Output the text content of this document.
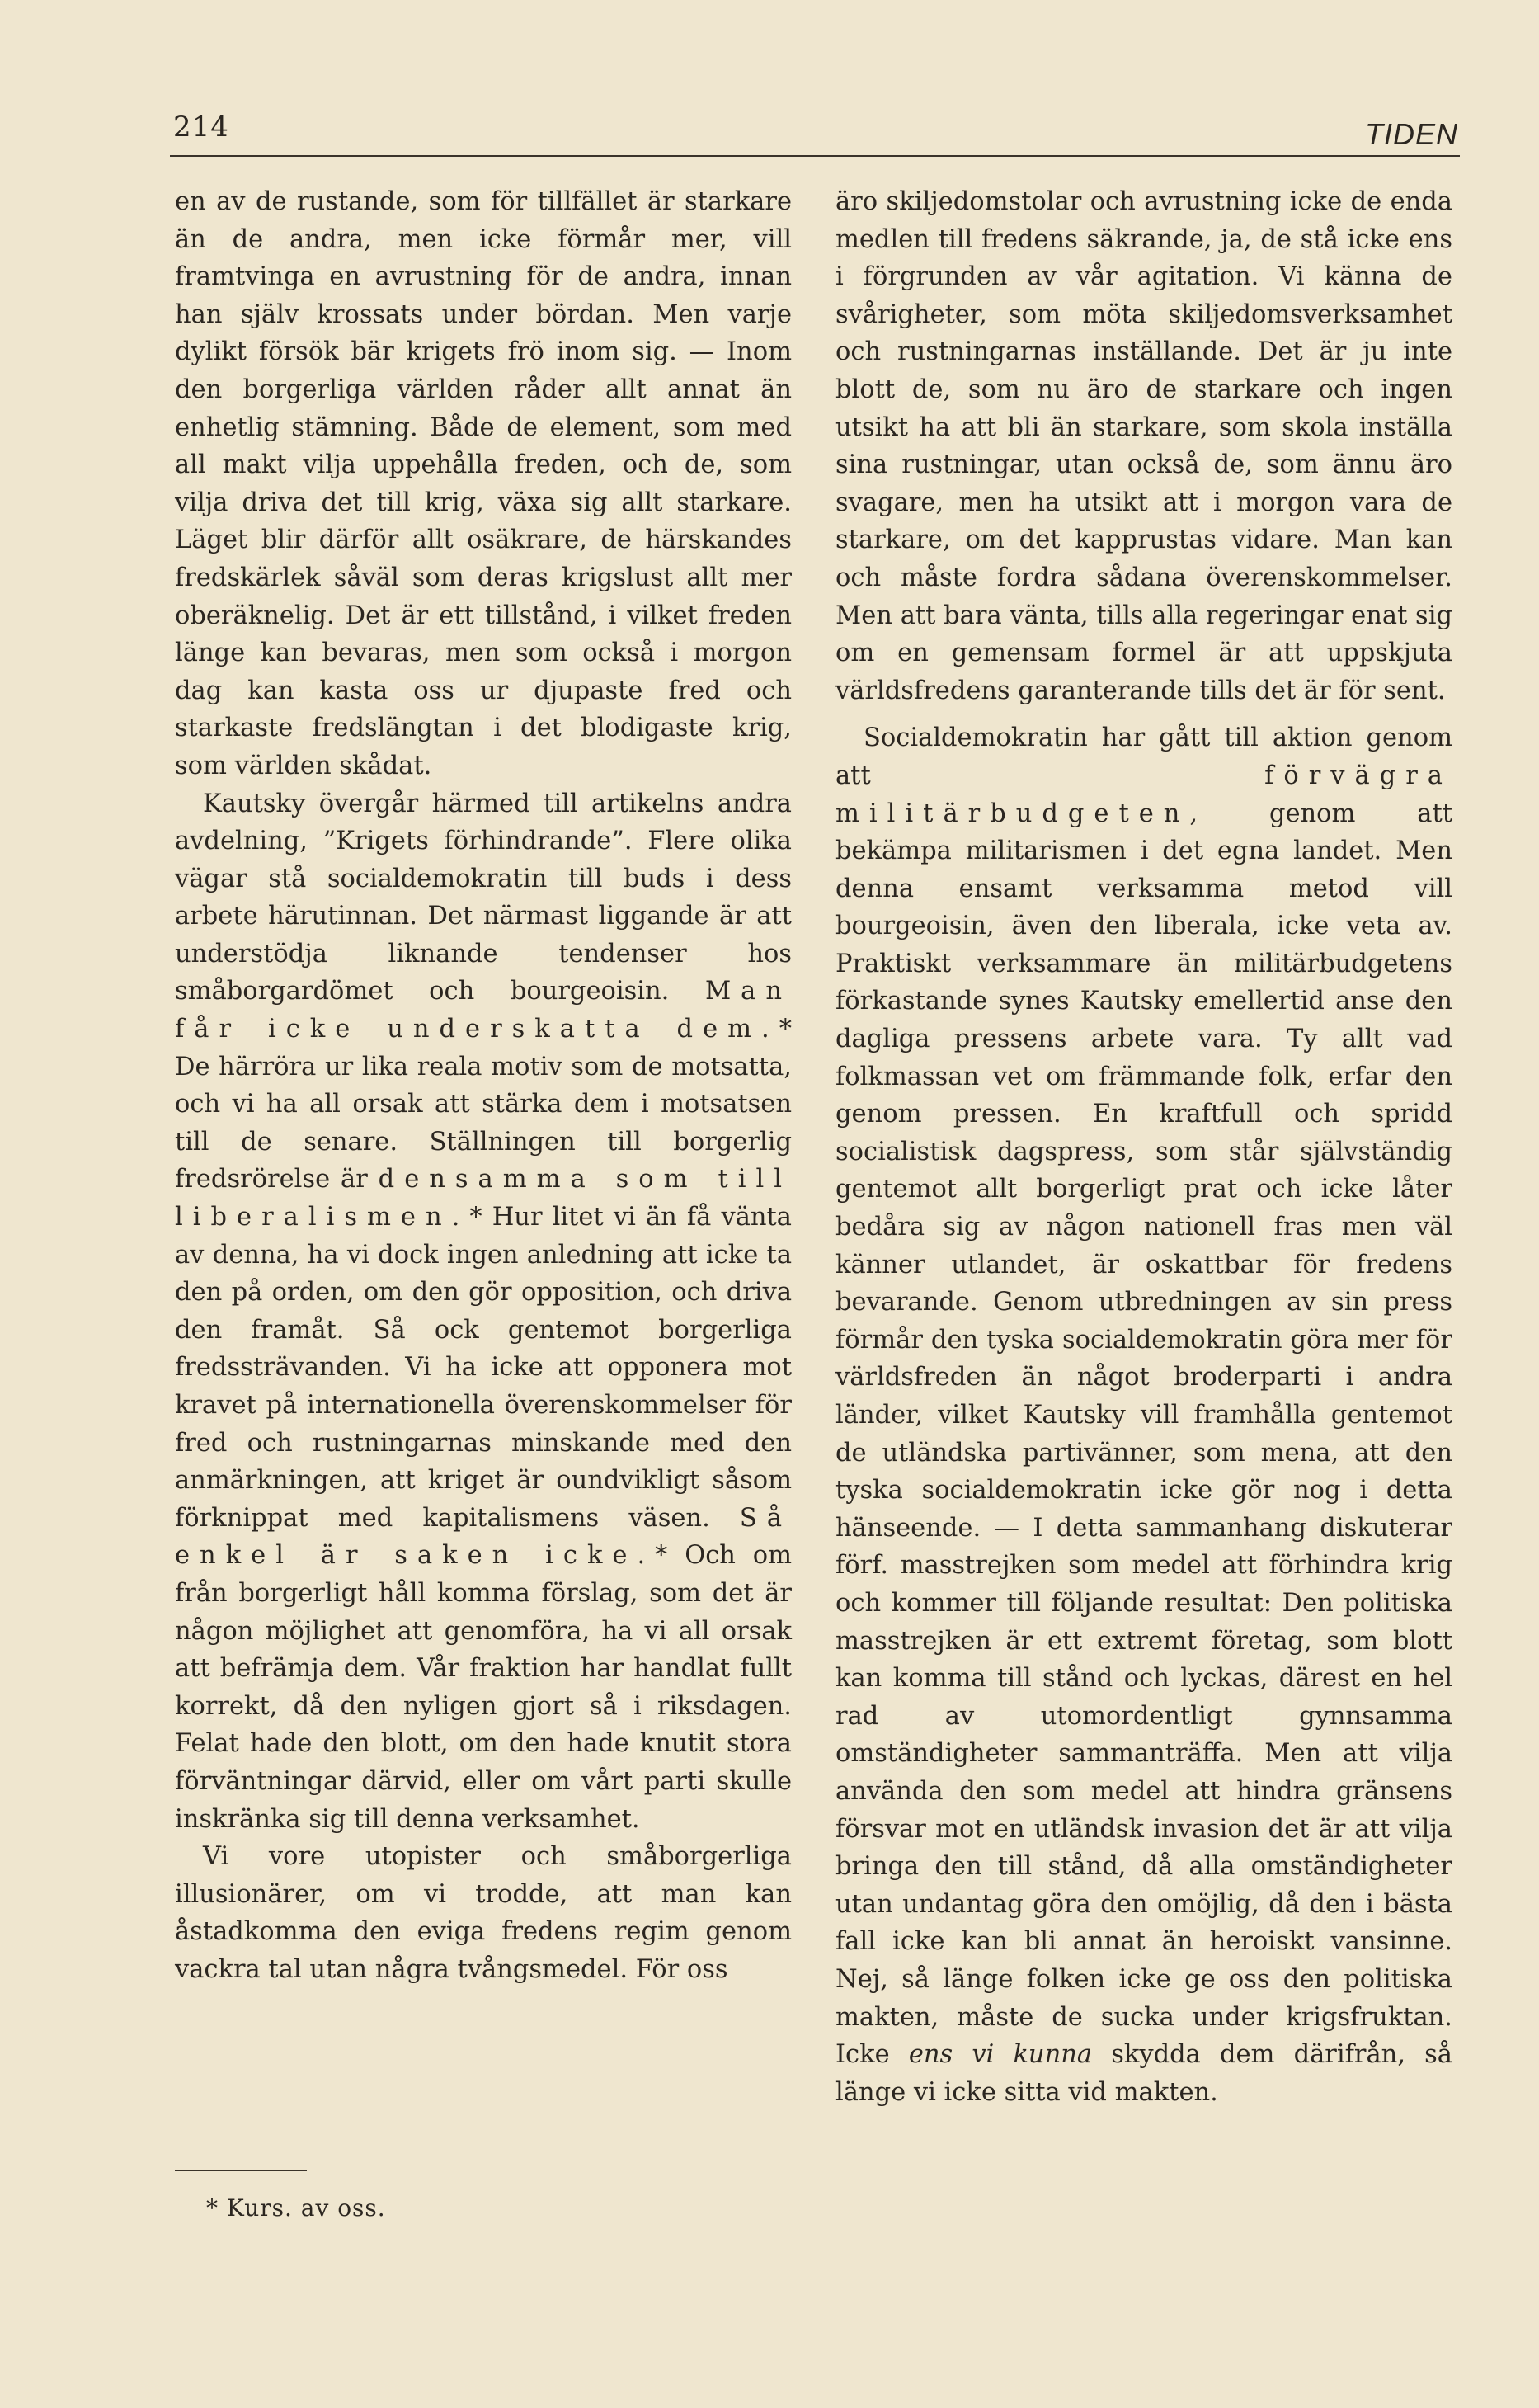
214	TIDEN

en av de rustande, som för tillfället är starkare än de andra, men icke förmår mer, vill framtvinga en avrustning för de andra, innan han själv krossats under bördan. Men varje dylikt försök bär krigets frö inom sig. — Inom den borgerliga världen råder allt annat än enhetlig stämning. Både de element, som med all makt vilja uppehålla freden, och de, som vilja driva det till krig, växa sig allt starkare. Läget blir därför allt osäkrare, de härskandes fredskärlek såväl som deras krigslust allt mer oberäknelig. Det är ett tillstånd, i vilket freden länge kan bevaras, men som också i morgon dag kan kasta oss ur djupaste fred och starkaste fredslängtan i det blodigaste krig, som världen skådat.

Kautsky övergår härmed till artikelns andra avdelning, ”Krigets förhindrande”. Flere olika vägar stå socialdemokratin till buds i dess arbete härutinnan. Det närmast liggande är att understödja liknande tendenser hos småborgardömet och bourgeoisin. Man får icke underskatta dem.* De härröra ur lika reala motiv som de motsatta, och vi ha all orsak att stärka dem i motsatsen till de senare. Ställningen till borgerlig fredsrörelse är densamma som till liberalismen.* Hur litet vi än få vänta av denna, ha vi dock ingen anledning att icke ta den på orden, om den gör opposition, och driva den framåt. Så ock gentemot borgerliga fredssträvanden. Vi ha icke att opponera mot kravet på internationella överenskommelser för fred och rustningarnas minskande med den anmärkningen, att kriget är oundvikligt såsom förknippat med kapitalismens väsen. Så enkel är saken icke.* Och om från borgerligt håll komma förslag, som det är någon möjlighet att genomföra, ha vi all orsak att befrämja dem. Vår fraktion har handlat fullt korrekt, då den nyligen gjort så i riksdagen. Felat hade den blott, om den hade knutit stora förväntningar därvid, eller om vårt parti skulle inskränka sig till denna verksamhet.

Vi vore utopister och småborgerliga illusionärer, om vi trodde, att man kan åstadkomma den eviga fredens regim genom vackra tal utan några tvångsmedel. För oss

äro skiljedomstolar och avrustning icke de enda medlen till fredens säkrande, ja, de stå icke ens i förgrunden av vår agitation. Vi känna de svårigheter, som möta skiljedomsverksamhet och rustningarnas inställande. Det är ju inte blott de, som nu äro de starkare och ingen utsikt ha att bli än starkare, som skola inställa sina rustningar, utan också de, som ännu äro svagare, men ha utsikt att i morgon vara de starkare, om det kapprustas vidare. Man kan och måste fordra sådana överenskommelser. Men att bara vänta, tills alla regeringar enat sig om en gemensam formel är att uppskjuta världsfredens garanterande tills det är för sent.

Socialdemokratin har gått till aktion genom att	förvägra militärbudgeten, genom att bekämpa militarismen i det egna landet. Men denna ensamt verksamma metod vill bourgeoisin, även den liberala, icke veta av. Praktiskt verksammare än militärbudgetens förkastande synes Kautsky emellertid anse den dagliga pressens arbete vara. Ty allt vad folkmassan vet om främmande folk, erfar den genom pressen. En kraftfull och spridd socialistisk dagspress, som står självständig gentemot allt borgerligt prat och icke låter bedåra sig av någon nationell fras men väl känner utlandet, är oskattbar för fredens bevarande. Genom utbredningen av sin press förmår den tyska socialdemokratin göra mer för världsfreden än något broderparti i andra länder, vilket Kautsky vill framhålla gentemot de utländska partivänner, som mena, att den tyska socialdemokratin icke gör nog i detta hänseende. — I detta sammanhang diskuterar förf. masstrejken som medel att förhindra krig och kommer till följande resultat: Den politiska masstrejken är ett extremt företag, som blott kan komma till stånd och lyckas, därest en hel rad av utomordentligt gynnsamma omständigheter sammanträffa. Men att vilja använda den som medel att hindra gränsens försvar mot en utländsk invasion det är att vilja bringa den till stånd, då alla omständigheter utan undantag göra den omöjlig, då den i bästa fall icke kan bli annat än heroiskt vansinne. Nej, så länge folken icke ge oss den politiska makten, måste de sucka under krigsfruktan. Icke ens vi kunna skydda dem därifrån, så länge vi icke sitta vid makten.

* Kurs. av oss.
